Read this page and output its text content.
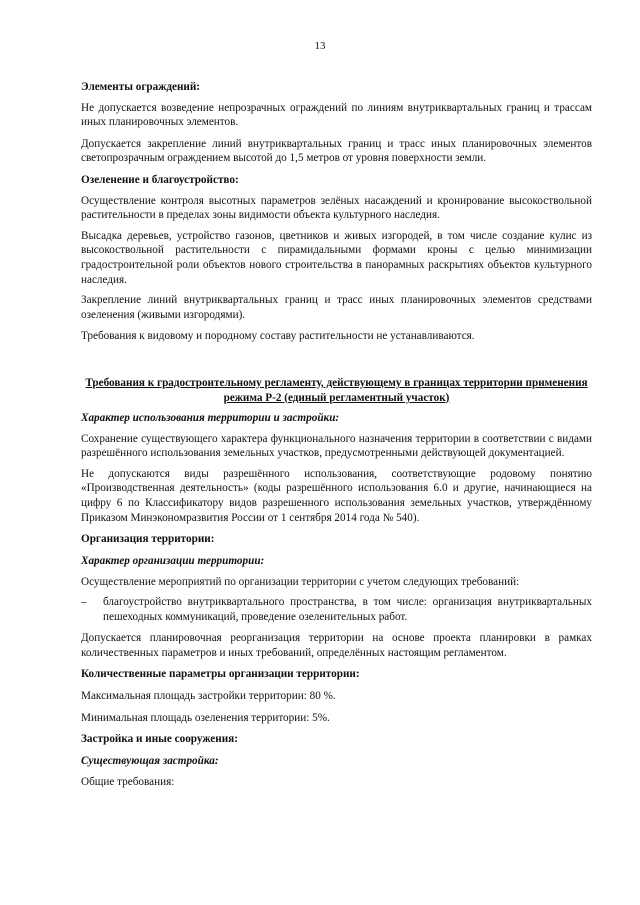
13

Элементы ограждений:

Не допускается возведение непрозрачных ограждений по линиям внутриквартальных границ и трассам иных планировочных элементов.

Допускается закрепление линий внутриквартальных границ и трасс иных планировочных элементов светопрозрачным ограждением высотой до 1,5 метров от уровня поверхности земли.

Озеленение и благоустройство:

Осуществление контроля высотных параметров зелёных насаждений и кронирование высокоствольной растительности в пределах зоны видимости объекта культурного наследия.

Высадка деревьев, устройство газонов, цветников и живых изгородей, в том числе создание кулис из высокоствольной растительности с пирамидальными формами кроны с целью минимизации градостроительной роли объектов нового строительства в панорамных раскрытиях объектов культурного наследия.

Закрепление линий внутриквартальных границ и трасс иных планировочных элементов средствами озеленения (живыми изгородями).

Требования к видовому и породному составу растительности не устанавливаются.

Требования к градостроительному регламенту, действующему в границах территории применения режима Р-2 (единый регламентный участок)

Характер использования территории и застройки:

Сохранение существующего характера функционального назначения территории в соответствии с видами разрешённого использования земельных участков, предусмотренными действующей документацией.

Не допускаются виды разрешённого использования, соответствующие родовому понятию «Производственная деятельность» (коды разрешённого использования 6.0 и другие, начинающиеся на цифру 6 по Классификатору видов разрешенного использования земельных участков, утверждённому Приказом Минэкономразвития России от 1 сентября 2014 года № 540).

Организация территории:

Характер организации территории:

Осуществление мероприятий по организации территории с учетом следующих требований:

–	благоустройство внутриквартального пространства, в том числе: организация внутриквартальных пешеходных коммуникаций, проведение озеленительных работ.

Допускается планировочная реорганизация территории на основе проекта планировки в рамках количественных параметров и иных требований, определённых настоящим регламентом.

Количественные параметры организации территории:

Максимальная площадь застройки территории: 80 %.

Минимальная площадь озеленения территории: 5%.

Застройка и иные сооружения:

Существующая застройка:

Общие требования:
